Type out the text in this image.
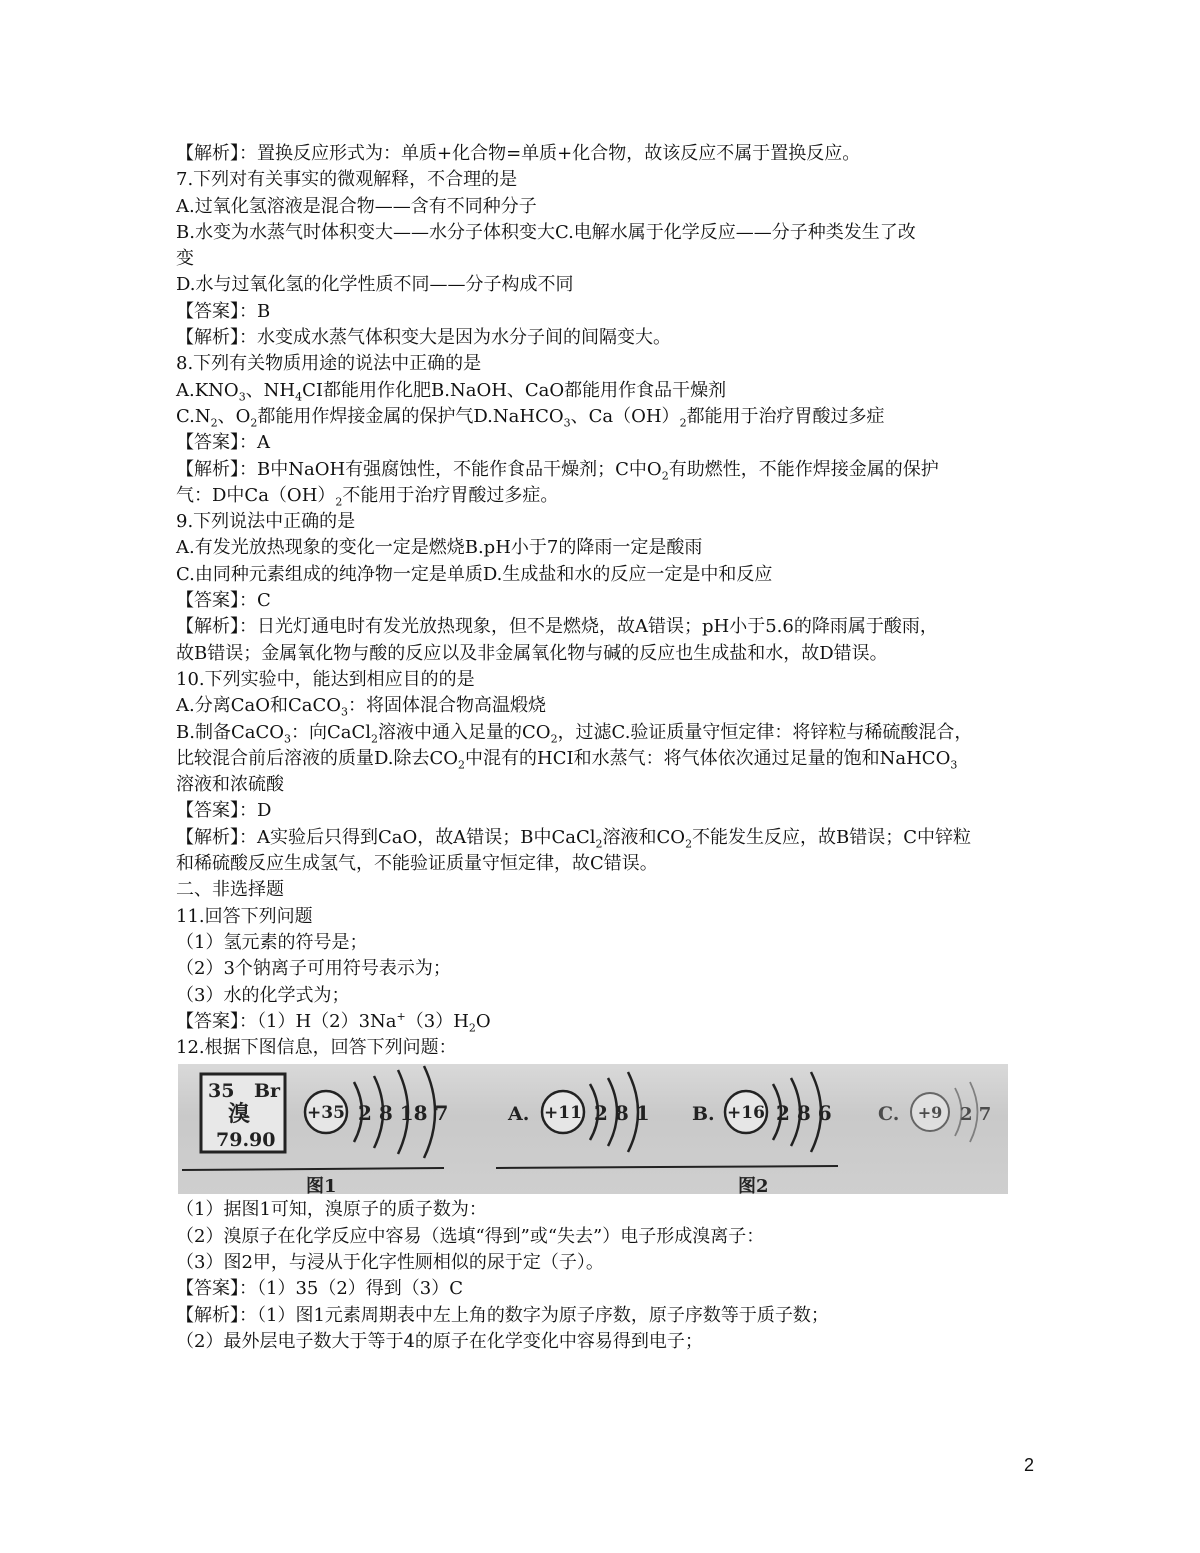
【解析】：置换反应形式为：单质+化合物=单质+化合物，故该反应不属于置换反应。
7.下列对有关事实的微观解释，不合理的是
A.过氧化氢溶液是混合物——含有不同种分子
B.水变为水蒸气时体积变大——水分子体积变大C.电解水属于化学反应——分子种类发生了改
变
D.水与过氧化氢的化学性质不同——分子构成不同
【答案】：B
【解析】：水变成水蒸气体积变大是因为水分子间的间隔变大。
8.下列有关物质用途的说法中正确的是
$A.KNO_3$、$NH_4CI$都能用作化肥B.NaOH、CaO都能用作食品干燥剂
$C.N_2$、$O_2$都能用作焊接金属的保护气D.NaHCO$_3$、$Ca(OH)_2$都能用于治疗胃酸过多症
【答案】：A
【解析】：B中NaOH有强腐蚀性，不能作食品干燥剂；C中$O_2$有助燃性，不能作焊接金属的保护
气：D中$Ca(OH)_2$不能用于治疗胃酸过多症。
9.下列说法中正确的是
A.有发光放热现象的变化一定是燃烧B.pH小于7的降雨一定是酸雨
C.由同种元素组成的纯净物一定是单质D.生成盐和水的反应一定是中和反应
【答案】：C
【解析】：日光灯通电时有发光放热现象，但不是燃烧，故A错误；pH小于5.6的降雨属于酸雨，
故B错误；金属氧化物与酸的反应以及非金属氧化物与碱的反应也生成盐和水，故D错误。
10.下列实验中，能达到相应目的的是
A.分离CaO和CaCO$_3$：将固体混合物高温煅烧
B.制备CaCO$_3$：向CaCl$_2$溶液中通入足量的$CO_2$，过滤C.验证质量守恒定律：将锌粒与稀硫酸混合，
比较混合前后溶液的质量D.除去$CO_2$中混有的HCI和水蒸气：将气体依次通过足量的饱和NaHCO$_3$
溶液和浓硫酸
【答案】：D
【解析】：A实验后只得到CaO，故A错误；B中CaCl$_2$溶液和$CO_2$不能发生反应，故B错误；C中锌粒
和稀硫酸反应生成氢气，不能验证质量守恒定律，故C错误。
二、非选择题
11.回答下列问题
（1）氢元素的符号是；
（2）3个钠离子可用符号表示为；
（3）水的化学式为；
【答案】：$(1)H(2)3Na^+(3)H_2O$
12.根据下图信息，回答下列问题：
35 Br
溴
79.90
+35 2 8 18 7	A. +11 2 8 1 B. +16 2 8 6 C. +9 2 7
图1	图2
（1）据图1可知，溴原子的质子数为：
（2）溴原子在化学反应中容易（选填“得到”或“失去”）电子形成溴离子：
（3）图2甲，与浸从于化字性厕相似的尿于定（子）。
【答案】：（1）35（2）得到（3）C
【解析】：（1）图1元素周期表中左上角的数字为原子序数，原子序数等于质子数；
（2）最外层电子数大于等于4的原子在化学变化中容易得到电子；
2
